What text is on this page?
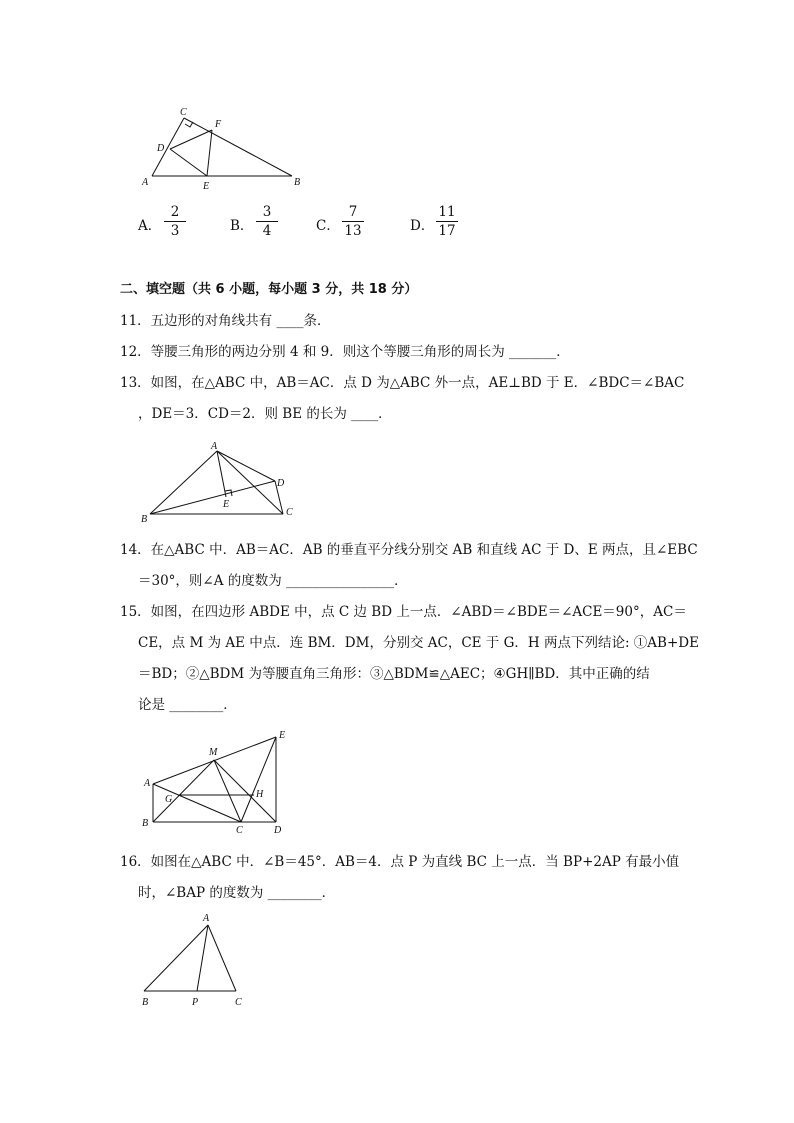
C
F
D
A	E	B
A．
2
3	B．
3
4	C．
7
13	D．
11
17
二、填空题（共 6 小题，每小题 3 分，共 18 分）
11．五边形的对角线共有 ____条．
12．等腰三角形的两边分别 4 和 9．则这个等腰三角形的周长为 _______．
13．如图，在△ABC 中，AB＝AC．点 D 为△ABC 外一点，AE⊥BD 于 E．∠BDC＝∠BAC
，DE＝3．CD＝2．则 BE 的长为 ____．
A
D
E
B
C
14．在△ABC 中．AB＝AC．AB 的垂直平分线分别交 AB 和直线 AC 于 D、E 两点，且∠EBC
＝30°，则∠A 的度数为 ________________．
15．如图，在四边形 ABDE 中，点 C 边 BD 上一点．∠ABD＝∠BDE＝∠ACE＝90°，AC＝
CE，点 M 为 AE 中点．连 BM．DM，分别交 AC，CE 于 G．H 两点下列结论: ①AB+DE
＝BD；②△BDM 为等腰直角三角形：③△BDM≌△AEC；④GH∥BD．其中正确的结
论是 ________．
E
M
A
G	H
B
C	D
16．如图在△ABC 中．∠B＝45°．AB＝4．点 P 为直线 BC 上一点．当 BP+2AP 有最小值
时，∠BAP 的度数为 ________．
A
B	P	C
